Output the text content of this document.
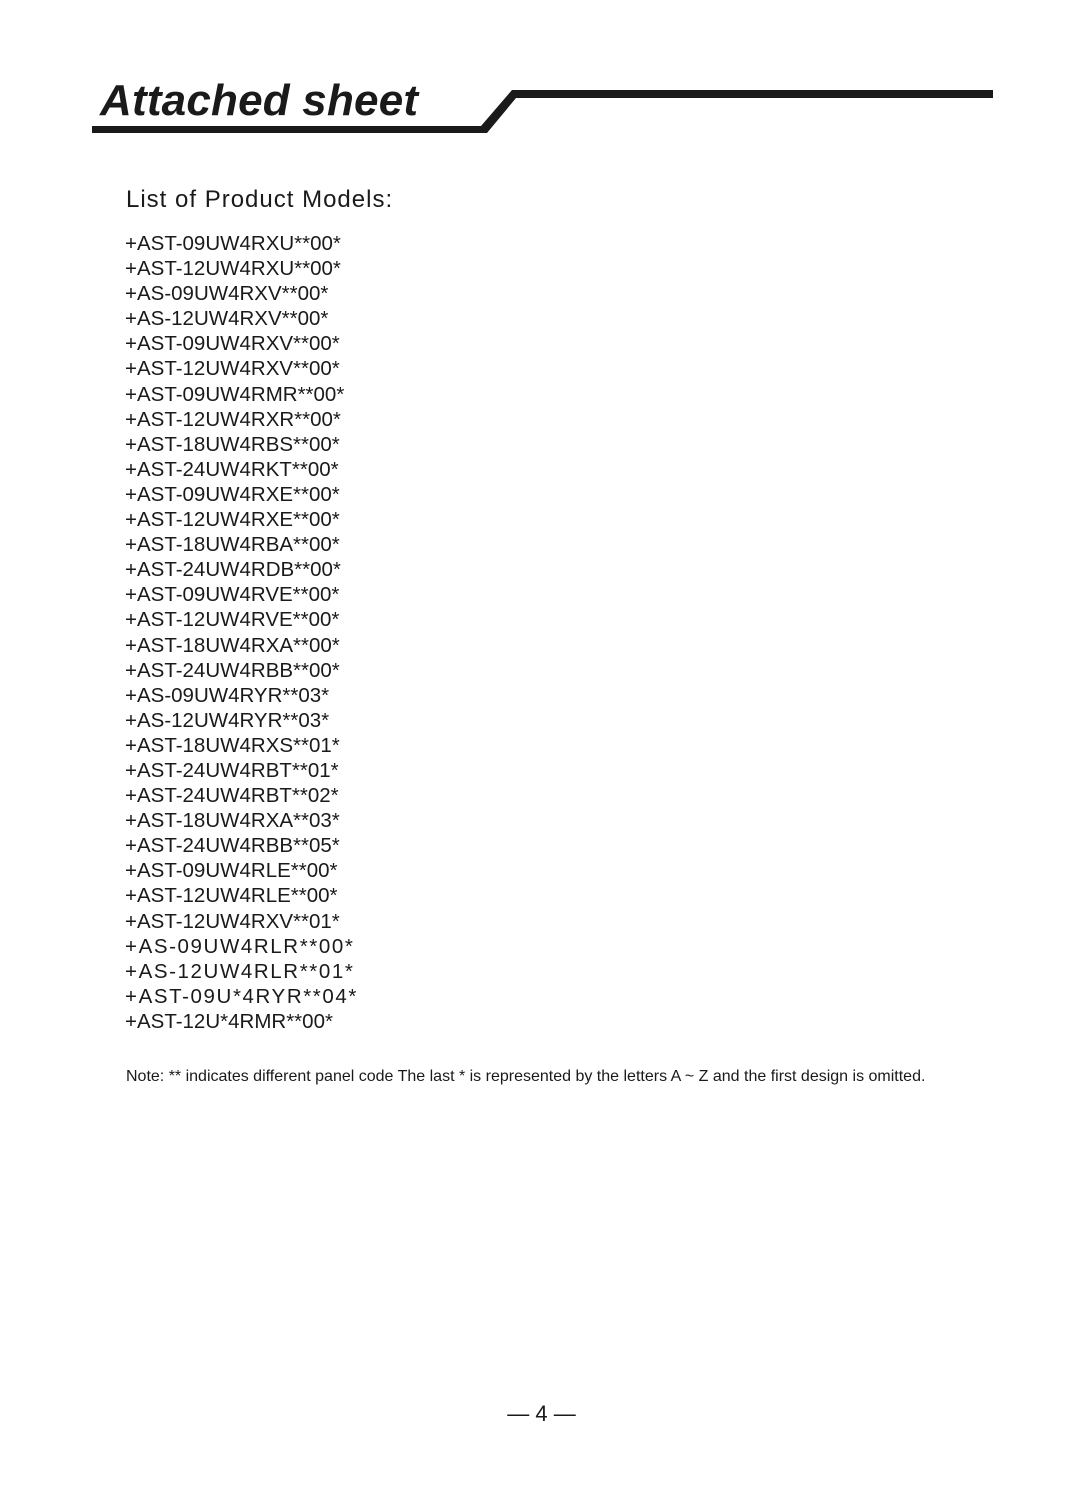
Attached sheet
List of Product Models:
+AST-09UW4RXU**00*
+AST-12UW4RXU**00*
+AS-09UW4RXV**00*
+AS-12UW4RXV**00*
+AST-09UW4RXV**00*
+AST-12UW4RXV**00*
+AST-09UW4RMR**00*
+AST-12UW4RXR**00*
+AST-18UW4RBS**00*
+AST-24UW4RKT**00*
+AST-09UW4RXE**00*
+AST-12UW4RXE**00*
+AST-18UW4RBA**00*
+AST-24UW4RDB**00*
+AST-09UW4RVE**00*
+AST-12UW4RVE**00*
+AST-18UW4RXA**00*
+AST-24UW4RBB**00*
+AS-09UW4RYR**03*
+AS-12UW4RYR**03*
+AST-18UW4RXS**01*
+AST-24UW4RBT**01*
+AST-24UW4RBT**02*
+AST-18UW4RXA**03*
+AST-24UW4RBB**05*
+AST-09UW4RLE**00*
+AST-12UW4RLE**00*
+AST-12UW4RXV**01*
+AS-09UW4RLR**00*
+AS-12UW4RLR**01*
+AST-09U*4RYR**04*
+AST-12U*4RMR**00*

Note: ** indicates different panel code The last * is represented by the letters A ~ Z and the first design is omitted.

— 4 —
